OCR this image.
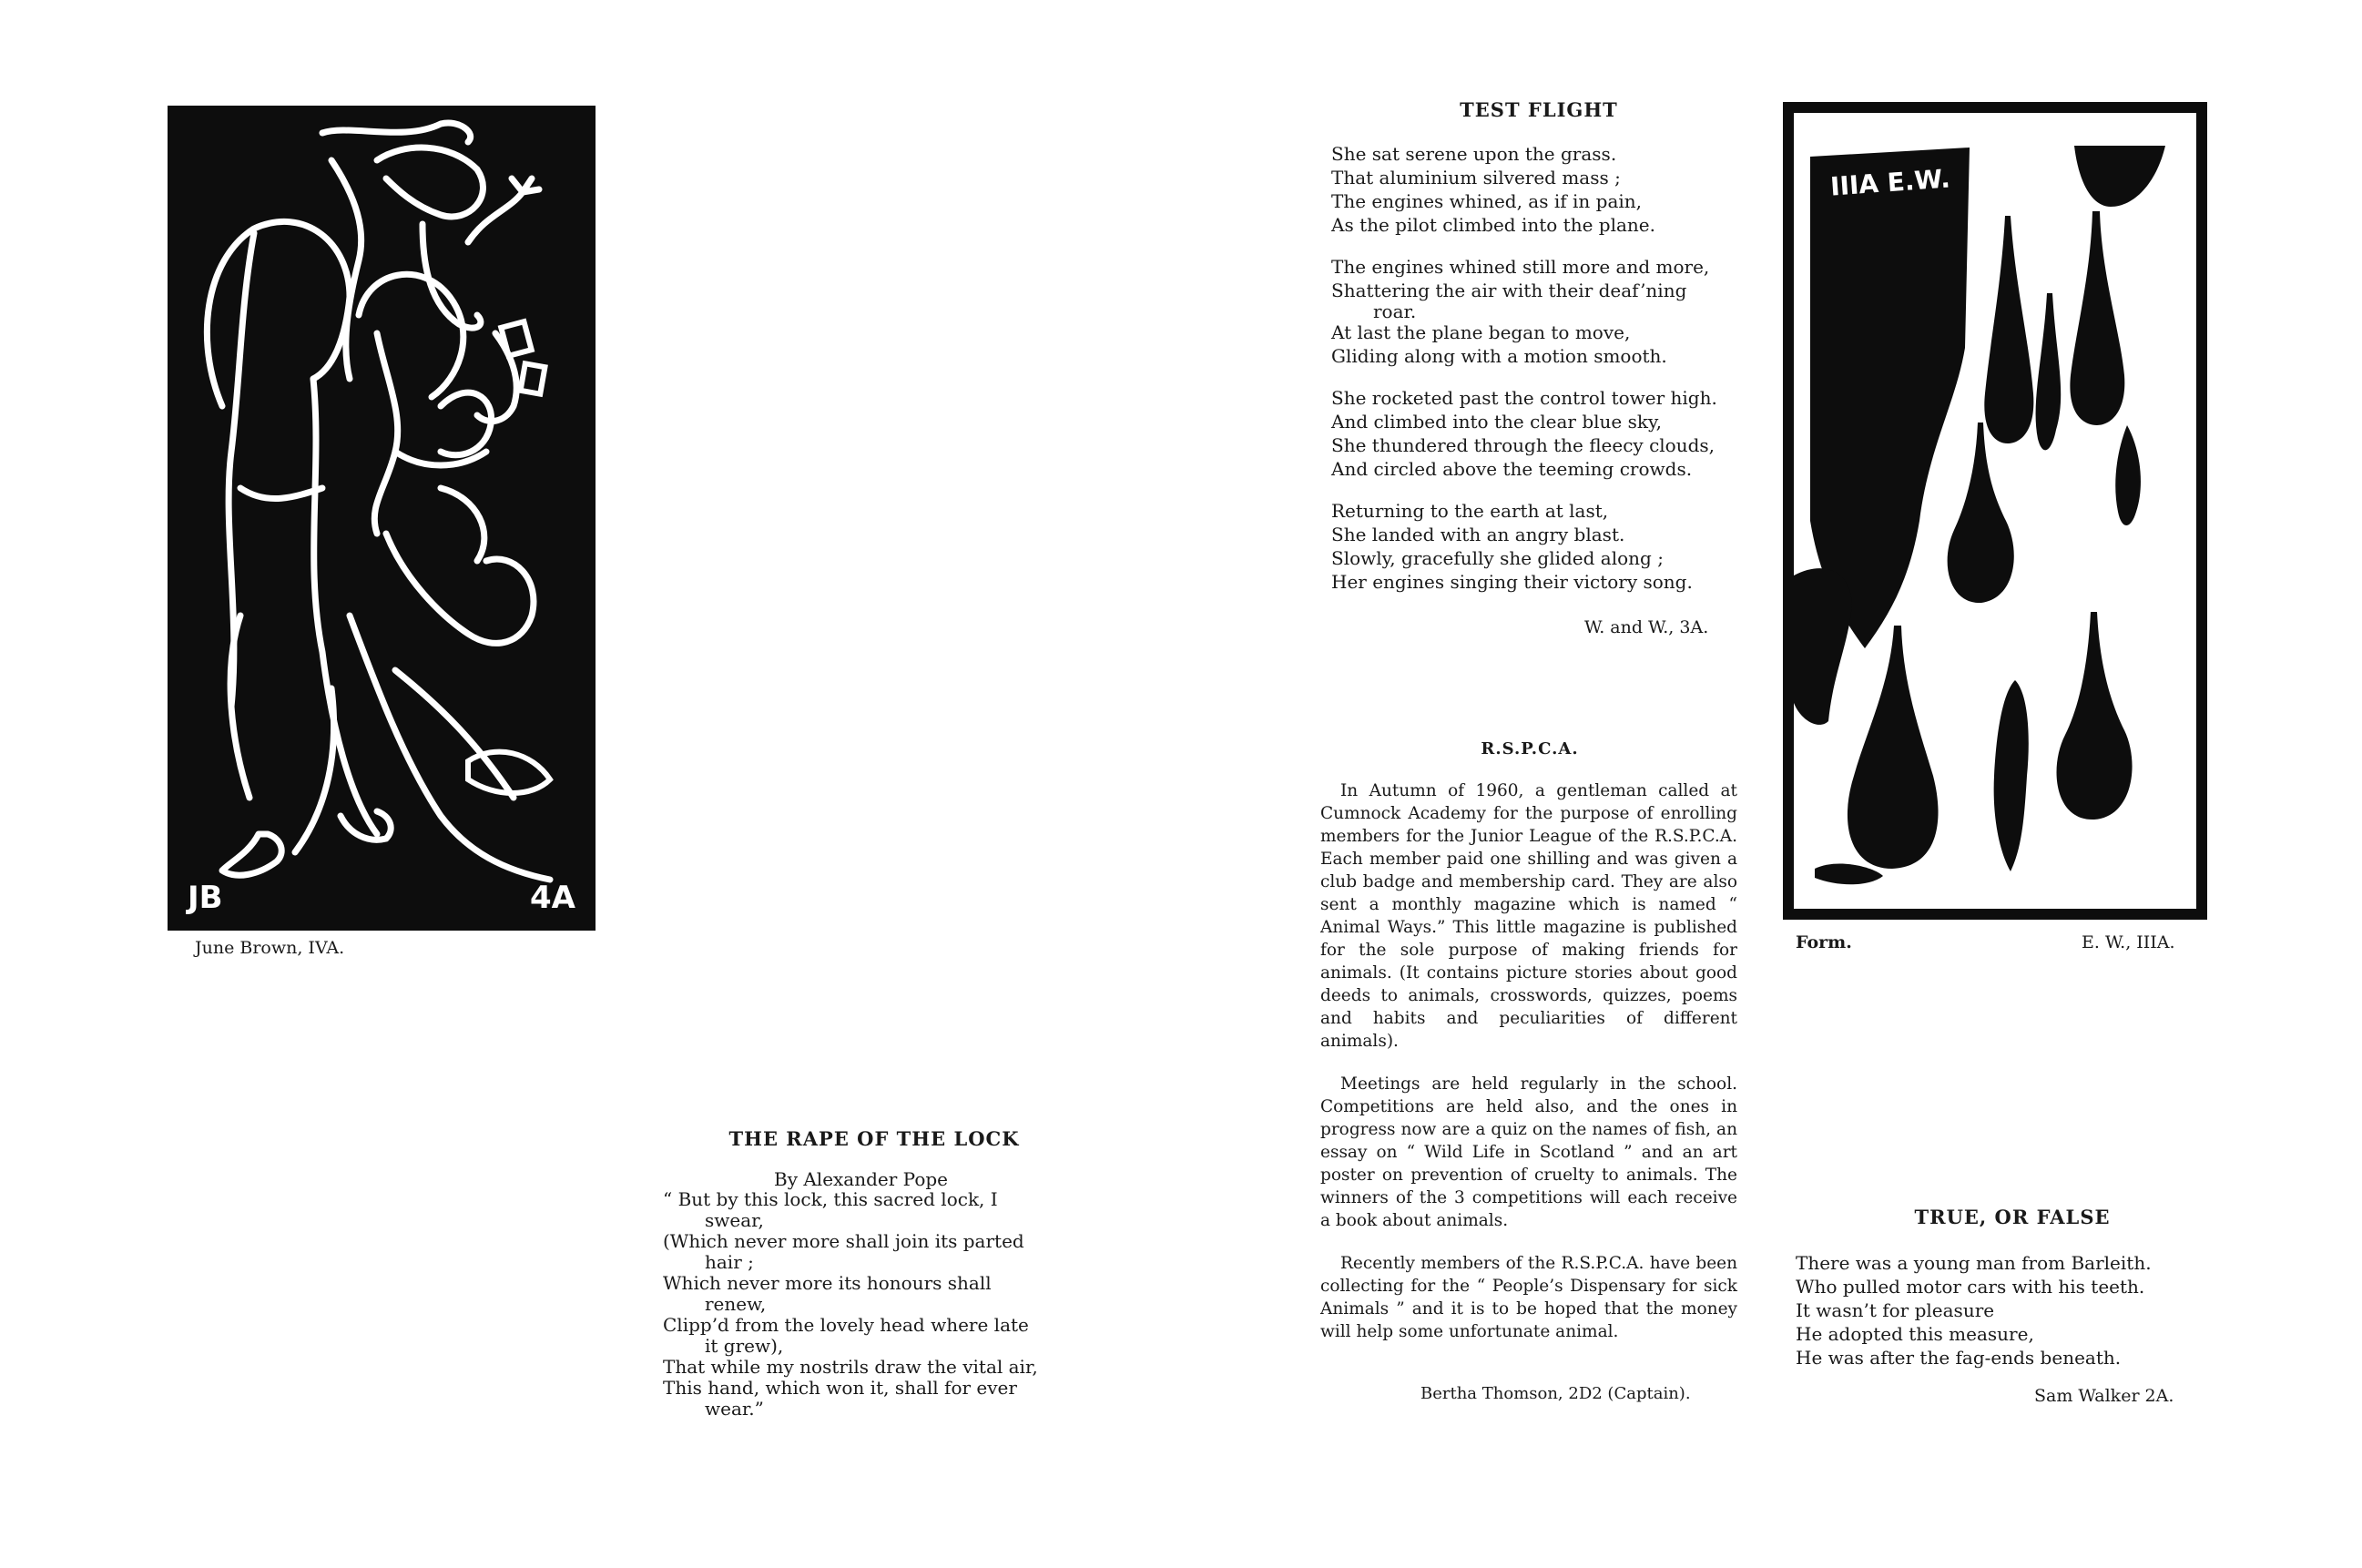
JB	4A
June Brown, IVA.
THE RAPE OF THE LOCK
By Alexander Pope
“ But by this lock, this sacred lock, I
swear,
(Which never more shall join its parted
hair ;
Which never more its honours shall
renew,
Clipp’d from the lovely head where late
it grew),
That while my nostrils draw the vital air,
This hand, which won it, shall for ever
wear.”
TEST FLIGHT
She sat serene upon the grass.
That aluminium silvered mass ;
The engines whined, as if in pain,
As the pilot climbed into the plane.
The engines whined still more and more,
Shattering the air with their deaf’ning
roar.
At last the plane began to move,
Gliding along with a motion smooth.
She rocketed past the control tower high.
And climbed into the clear blue sky,
She thundered through the fleecy clouds,
And circled above the teeming crowds.
Returning to the earth at last,
She landed with an angry blast.
Slowly, gracefully she glided along ;
Her engines singing their victory song.
W. and W., 3A.
R.S.P.C.A.

In Autumn of 1960, a gentleman called at Cumnock Academy for the purpose of enrolling members for the Junior League of the R.S.P.C.A. Each member paid one shilling and was given a club badge and membership card. They are also sent a monthly magazine which is named “ Animal Ways.” This little magazine is published for the sole purpose of making friends for animals. (It contains picture stories about good deeds to animals, crosswords, quizzes, poems and habits and peculiarities of different animals).

Meetings are held regularly in the school. Competitions are held also, and the ones in progress now are a quiz on the names of fish, an essay on “ Wild Life in Scotland ” and an art poster on prevention of cruelty to animals. The winners of the 3 competitions will each receive a book about animals.

Recently members of the R.S.P.C.A. have been collecting for the “ People’s Dispensary for sick Animals ” and it is to be hoped that the money will help some unfortunate animal.

Bertha Thomson, 2D2 (Captain).
IIIA E.W.
Form.	E. W., IIIA.
TRUE, OR FALSE
There was a young man from Barleith.
Who pulled motor cars with his teeth.
It wasn’t for pleasure
He adopted this measure,
He was after the fag-ends beneath.
Sam Walker 2A.
